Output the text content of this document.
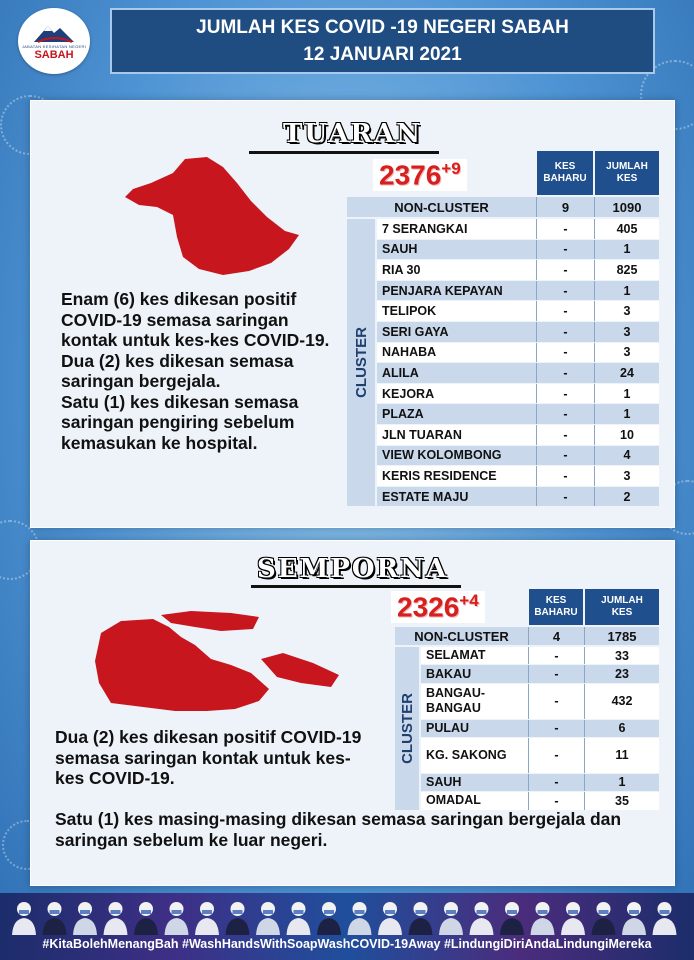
JABATAN KESIHATAN NEGERI
SABAH
JUMLAH KES COVID -19 NEGERI SABAH
12 JANUARI 2021
TUARAN
$2376^{+9}$	KES
BAHARU
JUMLAH
KES
NON-CLUSTER	9	1090
CLUSTER
7 SERANGKAI	-	405
SAUH	-	1
RIA 30	-	825
PENJARA KEPAYAN	-	1
TELIPOK	-	3
SERI GAYA	-	3
NAHABA	-	3
ALILA	-	24
KEJORA	-	1
PLAZA	-	1
JLN TUARAN	-	10
VIEW KOLOMBONG	-	4
KERIS RESIDENCE	-	3
ESTATE MAJU	-	2

Enam (6) kes dikesan positif COVID-19 semasa saringan kontak untuk kes-kes COVID-19.

Dua (2) kes dikesan semasa saringan bergejala.

Satu (1) kes dikesan semasa saringan pengiring sebelum kemasukan ke hospital.

SEMPORNA
$2326^{+4}$	KES
BAHARU
JUMLAH
KES
NON-CLUSTER	4	1785
CLUSTER
SELAMAT	-	33
BAKAU	-	23
BANGAU-BANGAU	-	432
PULAU	-	6
KG. SAKONG	-	11
SAUH	-	1
OMADAL	-	35

Dua (2) kes dikesan positif COVID-19 semasa saringan kontak untuk kes-kes COVID-19.

Satu (1) kes masing-masing dikesan semasa saringan bergejala dan saringan sebelum ke luar negeri.

#KitaBolehMenangBah #WashHandsWithSoapWashCOVID-19Away #LindungiDiriAndaLindungiMereka
